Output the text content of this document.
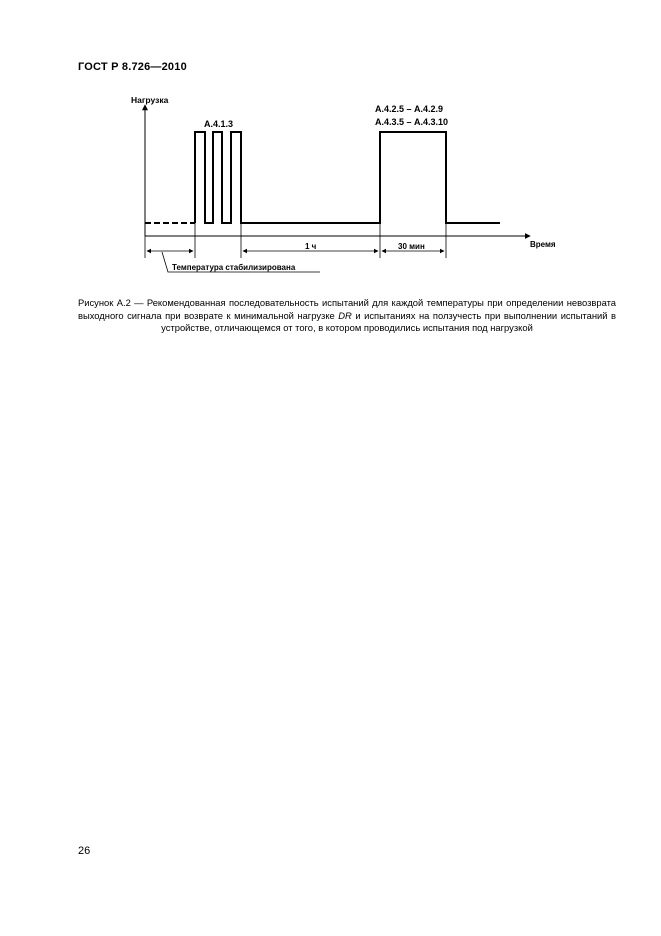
ГОСТ Р 8.726—2010
Нагрузка
Время
А.4.1.3
А.4.2.5 – А.4.2.9
А.4.3.5 – А.4.3.10
1 ч	30 мин
Температура стабилизирована
Рисунок А.2 — Рекомендованная последовательность испытаний для каждой температуры при определении невозврата выходного сигнала при возврате к минимальной нагрузке DR и испытаниях на ползучесть при выполнении испытаний в устройстве, отличающемся от того, в котором проводились испытания под нагрузкой
26
